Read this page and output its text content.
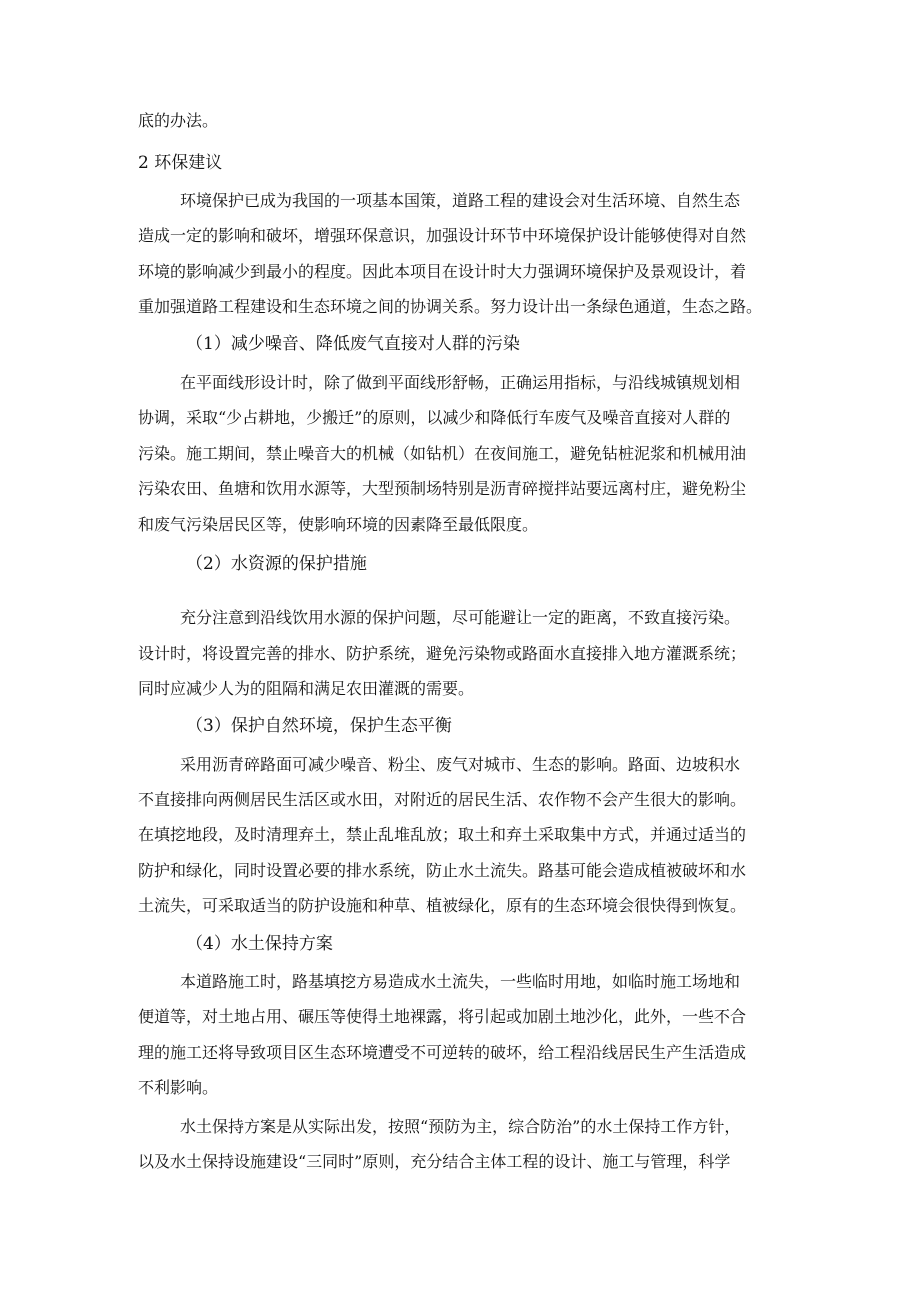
底的办法。
2 环保建议
环境保护已成为我国的一项基本国策，道路工程的建设会对生活环境、自然生态
造成一定的影响和破坏，增强环保意识，加强设计环节中环境保护设计能够使得对自然
环境的影响减少到最小的程度。因此本项目在设计时大力强调环境保护及景观设计，着
重加强道路工程建设和生态环境之间的协调关系。努力设计出一条绿色通道，生态之路。
（1）减少噪音、降低废气直接对人群的污染
在平面线形设计时，除了做到平面线形舒畅，正确运用指标，与沿线城镇规划相
协调，采取“少占耕地，少搬迁”的原则，以减少和降低行车废气及噪音直接对人群的
污染。施工期间，禁止噪音大的机械（如钻机）在夜间施工，避免钻桩泥浆和机械用油
污染农田、鱼塘和饮用水源等，大型预制场特别是沥青碎搅拌站要远离村庄，避免粉尘
和废气污染居民区等，使影响环境的因素降至最低限度。
（2）水资源的保护措施
充分注意到沿线饮用水源的保护问题，尽可能避让一定的距离，不致直接污染。
设计时，将设置完善的排水、防护系统，避免污染物或路面水直接排入地方灌溉系统；
同时应减少人为的阻隔和满足农田灌溉的需要。
（3）保护自然环境，保护生态平衡
采用沥青碎路面可减少噪音、粉尘、废气对城市、生态的影响。路面、边坡积水
不直接排向两侧居民生活区或水田，对附近的居民生活、农作物不会产生很大的影响。
在填挖地段，及时清理弃土，禁止乱堆乱放；取土和弃土采取集中方式，并通过适当的
防护和绿化，同时设置必要的排水系统，防止水土流失。路基可能会造成植被破坏和水
土流失，可采取适当的防护设施和种草、植被绿化，原有的生态环境会很快得到恢复。
（4）水土保持方案
本道路施工时，路基填挖方易造成水土流失，一些临时用地，如临时施工场地和
便道等，对土地占用、碾压等使得土地裸露，将引起或加剧土地沙化，此外，一些不合
理的施工还将导致项目区生态环境遭受不可逆转的破坏，给工程沿线居民生产生活造成
不利影响。
水土保持方案是从实际出发，按照“预防为主，综合防治”的水土保持工作方针，
以及水土保持设施建设“三同时”原则，充分结合主体工程的设计、施工与管理，科学
